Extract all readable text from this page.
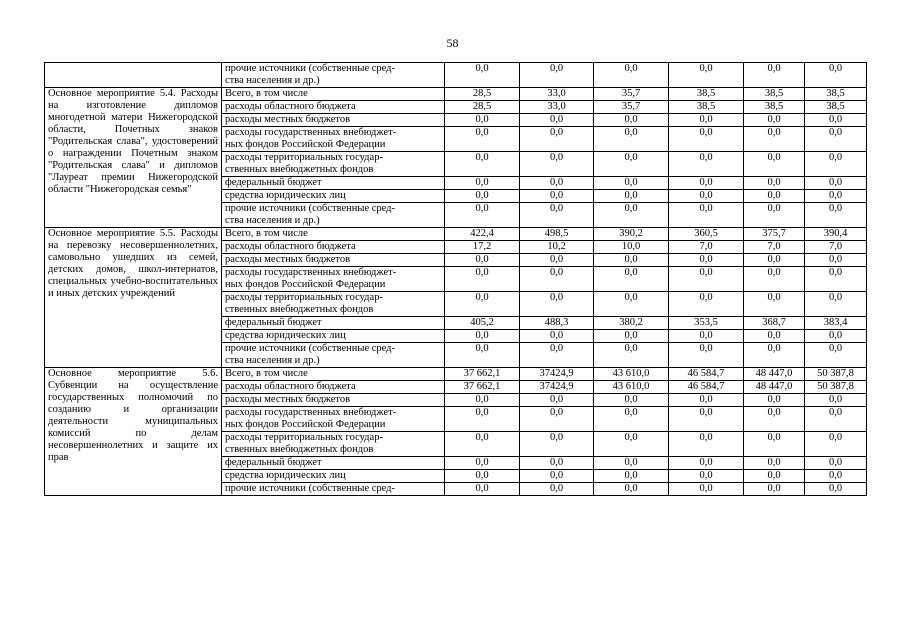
58
	прочие источники (собственные сред-
ства населения и др.)	0,0	0,0	0,0	0,0	0,0	0,0
Основное мероприятие 5.4. Расходы на изготовление дипломов многодетной матери Нижегородской области, Почетных знаков "Родительская слава", удостоверений о награждении Почетным знаком "Родительская слава" и дипломов "Лауреат премии Нижегородской области "Нижегородская семья"	Всего, в том числе	28,5	33,0	35,7	38,5	38,5	38,5
	расходы областного бюджета	28,5	33,0	35,7	38,5	38,5	38,5
	расходы местных бюджетов	0,0	0,0	0,0	0,0	0,0	0,0
	расходы государственных внебюджет-
ных фондов Российской Федерации	0,0	0,0	0,0	0,0	0,0	0,0
	расходы территориальных государ-
ственных внебюджетных фондов	0,0	0,0	0,0	0,0	0,0	0,0
	федеральный бюджет	0,0	0,0	0,0	0,0	0,0	0,0
	средства юридических лиц	0,0	0,0	0,0	0,0	0,0	0,0
	прочие источники (собственные сред-
ства населения и др.)	0,0	0,0	0,0	0,0	0,0	0,0
Основное мероприятие 5.5. Расходы на перевозку несовершеннолетних, самовольно ушедших из семей, детских домов, школ-интернатов, специальных учебно-воспитательных и иных детских учреждений	Всего, в том числе	422,4	498,5	390,2	360,5	375,7	390,4
	расходы областного бюджета	17,2	10,2	10,0	7,0	7,0	7,0
	расходы местных бюджетов	0,0	0,0	0,0	0,0	0,0	0,0
	расходы государственных внебюджет-
ных фондов Российской Федерации	0,0	0,0	0,0	0,0	0,0	0,0
	расходы территориальных государ-
ственных внебюджетных фондов	0,0	0,0	0,0	0,0	0,0	0,0
	федеральный бюджет	405,2	488,3	380,2	353,5	368,7	383,4
	средства юридических лиц	0,0	0,0	0,0	0,0	0,0	0,0
	прочие источники (собственные сред-
ства населения и др.)	0,0	0,0	0,0	0,0	0,0	0,0
Основное мероприятие 5.6. Субвенции на осуществление государственных полномочий по созданию и организации деятельности муниципальных комиссий по делам несовершеннолетних и защите их прав	Всего, в том числе	37 662,1	37424,9	43 610,0	46 584,7	48 447,0	50 387,8
	расходы областного бюджета	37 662,1	37424,9	43 610,0	46 584,7	48 447,0	50 387,8
	расходы местных бюджетов	0,0	0,0	0,0	0,0	0,0	0,0
	расходы государственных внебюджет-
ных фондов Российской Федерации	0,0	0,0	0,0	0,0	0,0	0,0
	расходы территориальных государ-
ственных внебюджетных фондов	0,0	0,0	0,0	0,0	0,0	0,0
	федеральный бюджет	0,0	0,0	0,0	0,0	0,0	0,0
	средства юридических лиц	0,0	0,0	0,0	0,0	0,0	0,0
	прочие источники (собственные сред-	0,0	0,0	0,0	0,0	0,0	0,0
